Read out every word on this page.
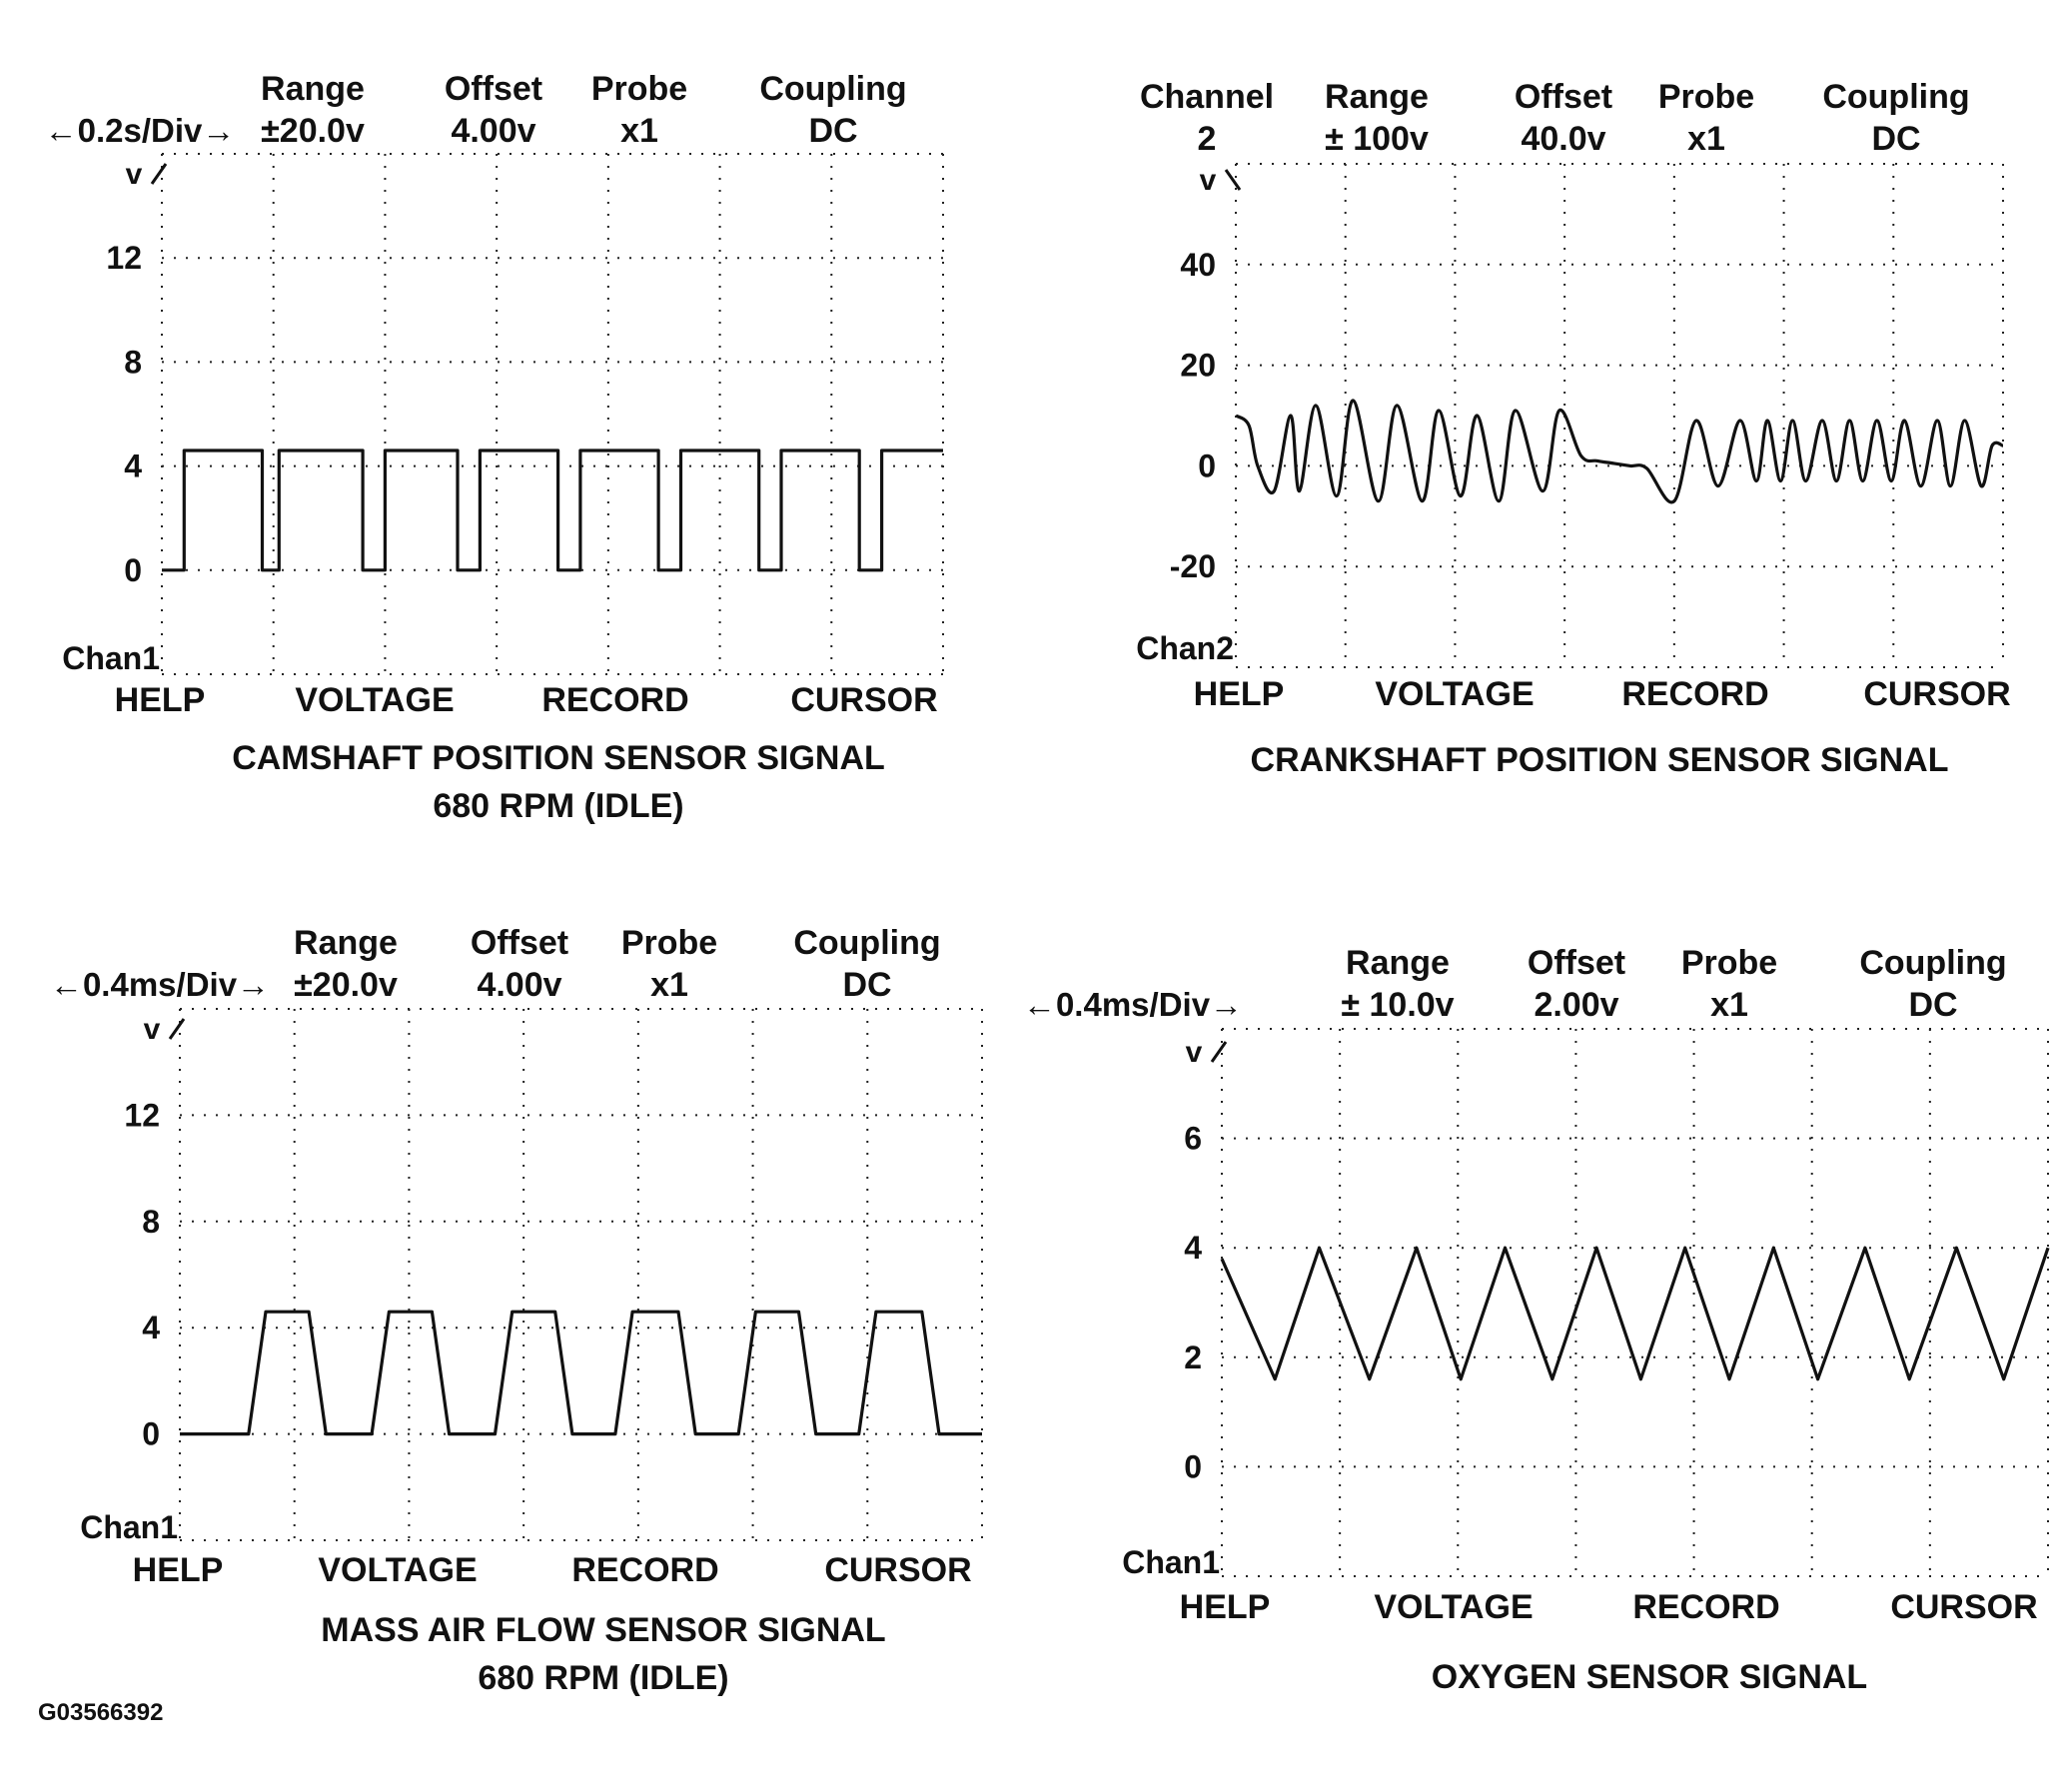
G03566392
12
8
4
0
v
Chan1
Range
±20.0v
Offset
4.00v
Probe
x1
Coupling
DC
←0.2s/Div→
HELP	VOLTAGE	RECORD	CURSOR
CAMSHAFT POSITION SENSOR SIGNAL
680 RPM (IDLE)
40
20
0
-20
v
Chan2
Channel
2
Range
± 100v
Offset
40.0v
Probe
x1
Coupling
DC
HELP	VOLTAGE	RECORD	CURSOR
CRANKSHAFT POSITION SENSOR SIGNAL
12
8
4
0
v
Chan1
Range
±20.0v
Offset
4.00v
Probe
x1
Coupling
DC
←0.4ms/Div→
HELP	VOLTAGE	RECORD	CURSOR
MASS AIR FLOW SENSOR SIGNAL
680 RPM (IDLE)
6
4
2
0
v
Chan1
Range
± 10.0v
Offset
2.00v
Probe
x1
Coupling
DC
←0.4ms/Div→
HELP	VOLTAGE	RECORD	CURSOR
OXYGEN SENSOR SIGNAL
